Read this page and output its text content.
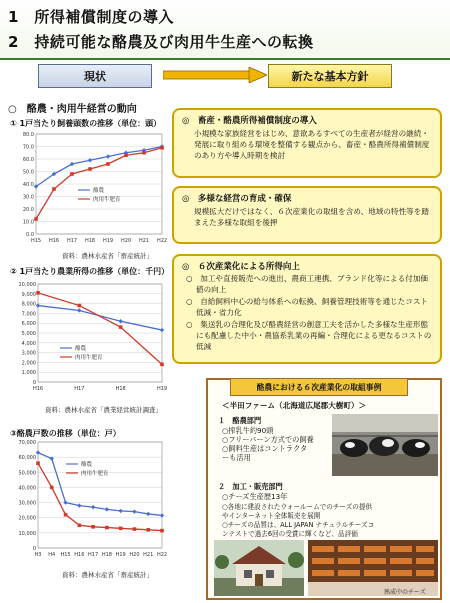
1　所得補償制度の導入
2　持続可能な酪農及び肉用牛生産への転換
現状	新たな基本方針
○　酪農・肉用牛経営の動向
① 1戸当たり飼養頭数の推移（単位：頭）
0.0
10.0
20.0
30.0
40.0
50.0
60.0
70.0
80.0
H15 H16 H17 H18 H19 H20 H21 H22
酪農
肉用牛肥育
資料：農林水産省「畜産統計」
② 1戸当たり農業所得の推移（単位：千円）
0
1,000
2,000
3,000
4,000
5,000
6,000
7,000
8,000
9,000
10,000
H16	H17	H18	H19
酪農
肉用牛肥育
資料：農林水産省「農業経営統計調査」
③酪農戸数の推移（単位：戸）
0
10,000
20,000
30,000
40,000
50,000
60,000
70,000
H3 H4 H15 H16 H17 H18 H19 H20 H21 H22
酪農
肉用牛肥育
資料：農林水産省「畜産統計」
◎　畜産・酪農所得補償制度の導入
小規模な家族経営をはじめ、意欲あるすべての生産者が経営の継続・発展に取り組める環境を整備する観点から、畜産・酪農所得補償制度のあり方や導入時期を検討
◎　多様な経営の育成・確保
規模拡大だけではなく、６次産業化の取組を含め、地域の特性等を踏まえた多様な取組を後押
◎　６次産業化による所得向上
○　加工や直接販売への進出、農商工連携、ブランド化等による付加価値の向上
○　自給飼料中心の給与体系への転換、飼養管理技術等を通じたコスト低減・省力化
○　集送乳の合理化及び酪農経営の創意工夫を活かした多様な生産形態にも配慮した中小・農協系乳業の再編・合理化による更なるコストの低減
酪農における６次産業化の取組事例
＜半田ファーム（北海道広尾郡大樹町）＞
１　酪農部門
○搾乳牛約90頭
○フリーバーン方式での飼養
○飼料生産はコントラクタ
ーも活用
２　加工・販売部門
○チーズ生産歴13年
○各地に建設されたウォールームでのチーズの提供
やインターネット全体販売を展開
○チーズの品質は、ALL JAPAN ナチュラルチーズコ
ンテストで過去6回の受賞に輝くなど、品評価
熟成中のチーズ
